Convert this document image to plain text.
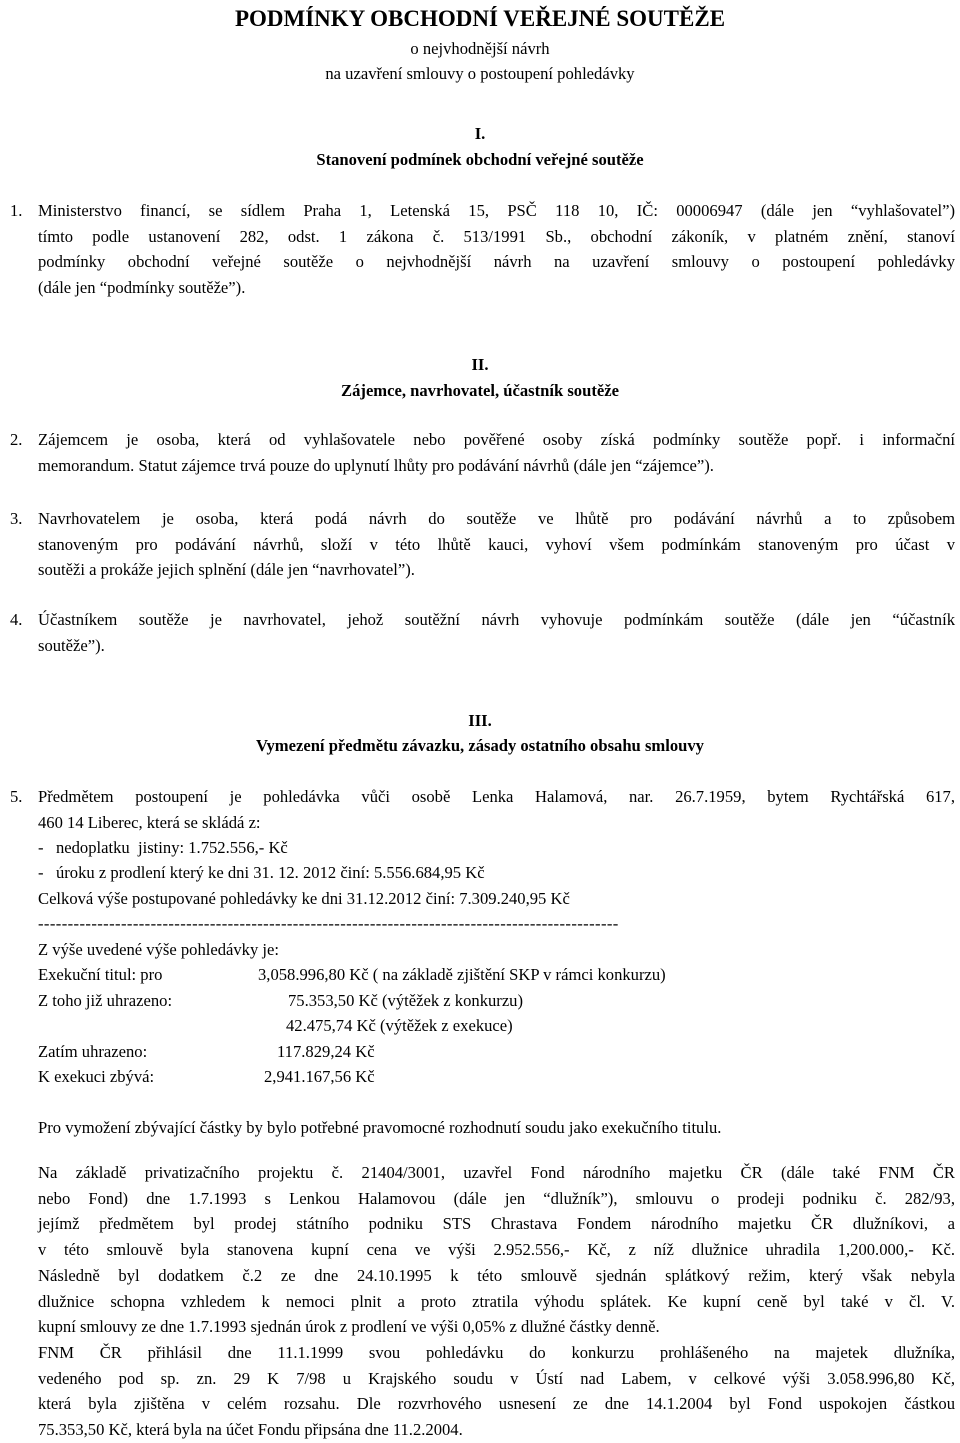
PODMÍNKY OBCHODNÍ VEŘEJNÉ SOUTĚŽE
o nejvhodnější návrh
na uzavření smlouvy o postoupení pohledávky
I.
Stanovení podmínek obchodní veřejné soutěže
1. Ministerstvo financí, se sídlem Praha 1, Letenská 15, PSČ 118 10, IČ: 00006947 (dále jen “vyhlašovatel”)
tímto podle ustanovení 282, odst. 1 zákona č. 513/1991 Sb., obchodní zákoník, v platném znění, stanoví
podmínky obchodní veřejné soutěže o nejvhodnější návrh na uzavření smlouvy o postoupení pohledávky
(dále jen “podmínky soutěže”).
II.
Zájemce, navrhovatel, účastník soutěže
2. Zájemcem je osoba, která od vyhlašovatele nebo pověřené osoby získá podmínky soutěže popř. i informační
memorandum. Statut zájemce trvá pouze do uplynutí lhůty pro podávání návrhů (dále jen “zájemce”).
3. Navrhovatelem je osoba, která podá návrh do soutěže ve lhůtě pro podávání návrhů a to způsobem
stanoveným pro podávání návrhů, složí v této lhůtě kauci, vyhoví všem podmínkám stanoveným pro účast v
soutěži a prokáže jejich splnění (dále jen “navrhovatel”).
4. Účastníkem soutěže je navrhovatel, jehož soutěžní návrh vyhovuje podmínkám soutěže (dále jen “účastník
soutěže”).
III.
Vymezení předmětu závazku, zásady ostatního obsahu smlouvy
5. Předmětem postoupení je pohledávka vůči osobě Lenka Halamová, nar. 26.7.1959, bytem Rychtářská 617,
460 14 Liberec, která se skládá z:
-   nedoplatku  jistiny: 1.752.556,- Kč
-   úroku z prodlení který ke dni 31. 12. 2012 činí: 5.556.684,95 Kč
Celková výše postupované pohledávky ke dni 31.12.2012 činí: 7.309.240,95 Kč
--------------------------------------------------------------------------------------------------
Z výše uvedené výše pohledávky je:
Exekuční titul: pro	3,058.996,80 Kč ( na základě zjištění SKP v rámci konkurzu)
Z toho již uhrazeno:	75.353,50 Kč (výtěžek z konkurzu)
42.475,74 Kč (výtěžek z exekuce)
Zatím uhrazeno:	117.829,24 Kč
K exekuci zbývá:	2,941.167,56 Kč
Pro vymožení zbývající částky by bylo potřebné pravomocné rozhodnutí soudu jako exekučního titulu.
Na základě privatizačního projektu č. 21404/3001, uzavřel Fond národního majetku ČR (dále také FNM ČR
nebo Fond) dne 1.7.1993 s Lenkou Halamovou (dále jen “dlužník”), smlouvu o prodeji podniku č. 282/93,
jejímž předmětem byl prodej státního podniku STS Chrastava Fondem národního majetku ČR dlužníkovi, a
v této smlouvě byla stanovena kupní cena ve výši 2.952.556,- Kč, z níž dlužnice uhradila 1,200.000,- Kč.
Následně byl dodatkem č.2 ze dne 24.10.1995 k této smlouvě sjednán splátkový režim, který však nebyla
dlužnice schopna vzhledem k nemoci plnit a proto ztratila výhodu splátek. Ke kupní ceně byl také v čl. V.
kupní smlouvy ze dne 1.7.1993 sjednán úrok z prodlení ve výši 0,05% z dlužné částky denně.
FNM ČR přihlásil dne 11.1.1999 svou pohledávku do konkurzu prohlášeného na majetek dlužníka,
vedeného pod sp. zn. 29 K 7/98 u Krajského soudu v Ústí nad Labem, v celkové výši 3.058.996,80 Kč,
která byla zjištěna v celém rozsahu. Dle rozvrhového usnesení ze dne 14.1.2004 byl Fond uspokojen částkou
75.353,50 Kč, která byla na účet Fondu připsána dne 11.2.2004.
